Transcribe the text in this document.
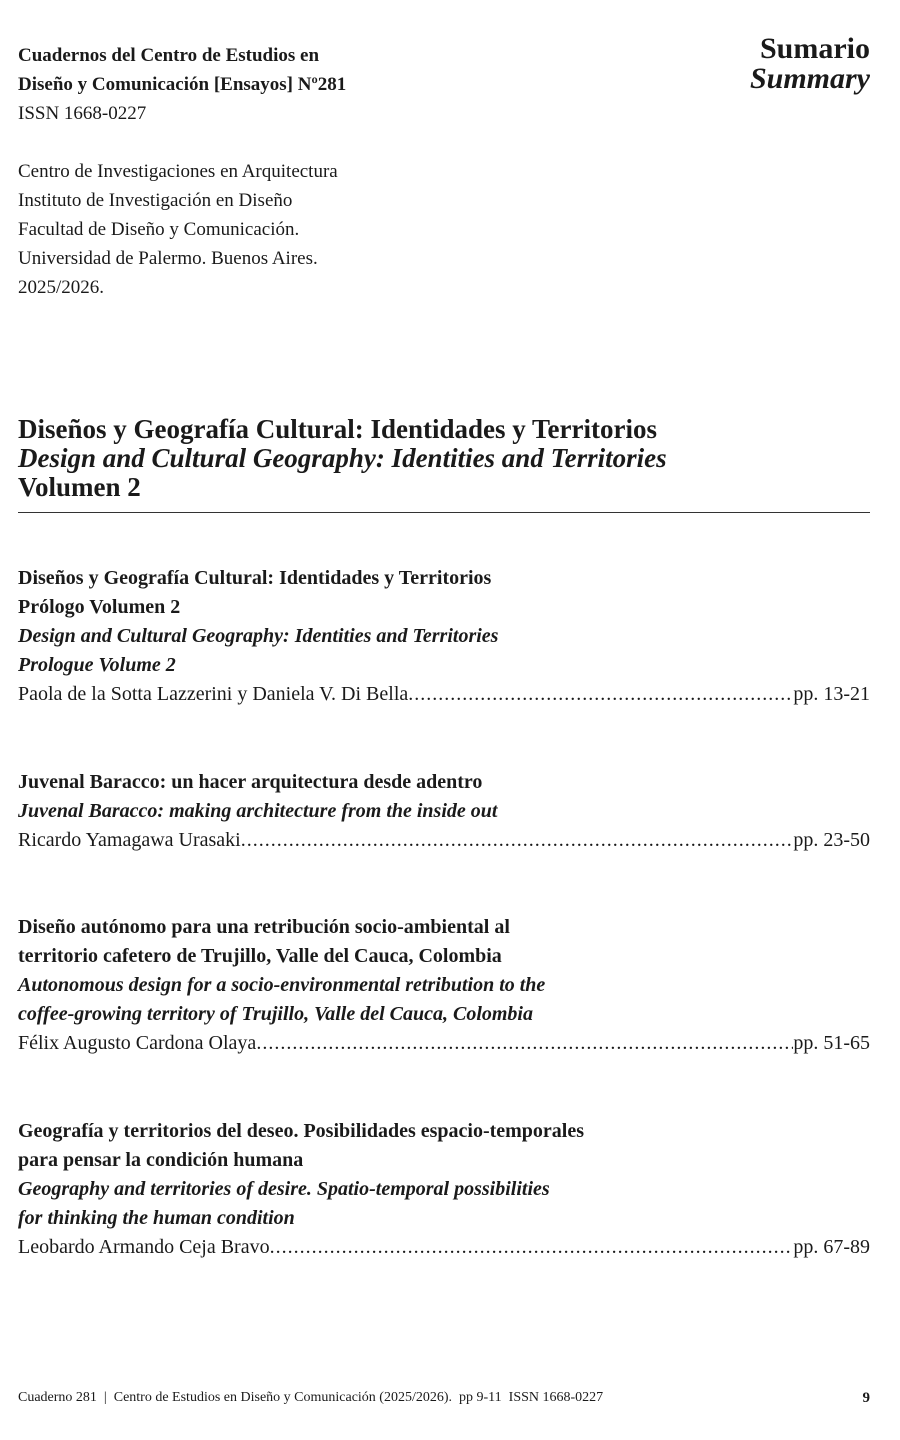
Cuadernos del Centro de Estudios en
Diseño y Comunicación [Ensayos] Nº281
ISSN 1668-0227
Sumario
Summary
Centro de Investigaciones en Arquitectura
Instituto de Investigación en Diseño
Facultad de Diseño y Comunicación.
Universidad de Palermo. Buenos Aires.
2025/2026.
Diseños y Geografía Cultural: Identidades y Territorios
Design and Cultural Geography: Identities and Territories
Volumen 2
Diseños y Geografía Cultural: Identidades y Territorios
Prólogo Volumen 2
Design and Cultural Geography: Identities and Territories
Prologue Volume 2
Paola de la Sotta Lazzerini y Daniela V. Di Bella .....	pp. 13-21
Juvenal Baracco: un hacer arquitectura desde adentro
Juvenal Baracco: making architecture from the inside out
Ricardo Yamagawa Urasaki .....	pp. 23-50
Diseño autónomo para una retribución socio-ambiental al
territorio cafetero de Trujillo, Valle del Cauca, Colombia
Autonomous design for a socio-environmental retribution to the
coffee-growing territory of Trujillo, Valle del Cauca, Colombia
Félix Augusto Cardona Olaya .....	pp. 51-65
Geografía y territorios del deseo. Posibilidades espacio-temporales
para pensar la condición humana
Geography and territories of desire. Spatio-temporal possibilities
for thinking the human condition
Leobardo Armando Ceja Bravo .....	pp. 67-89
Cuaderno 281  |  Centro de Estudios en Diseño y Comunicación (2025/2026).  pp 9-11  ISSN 1668-0227	9
